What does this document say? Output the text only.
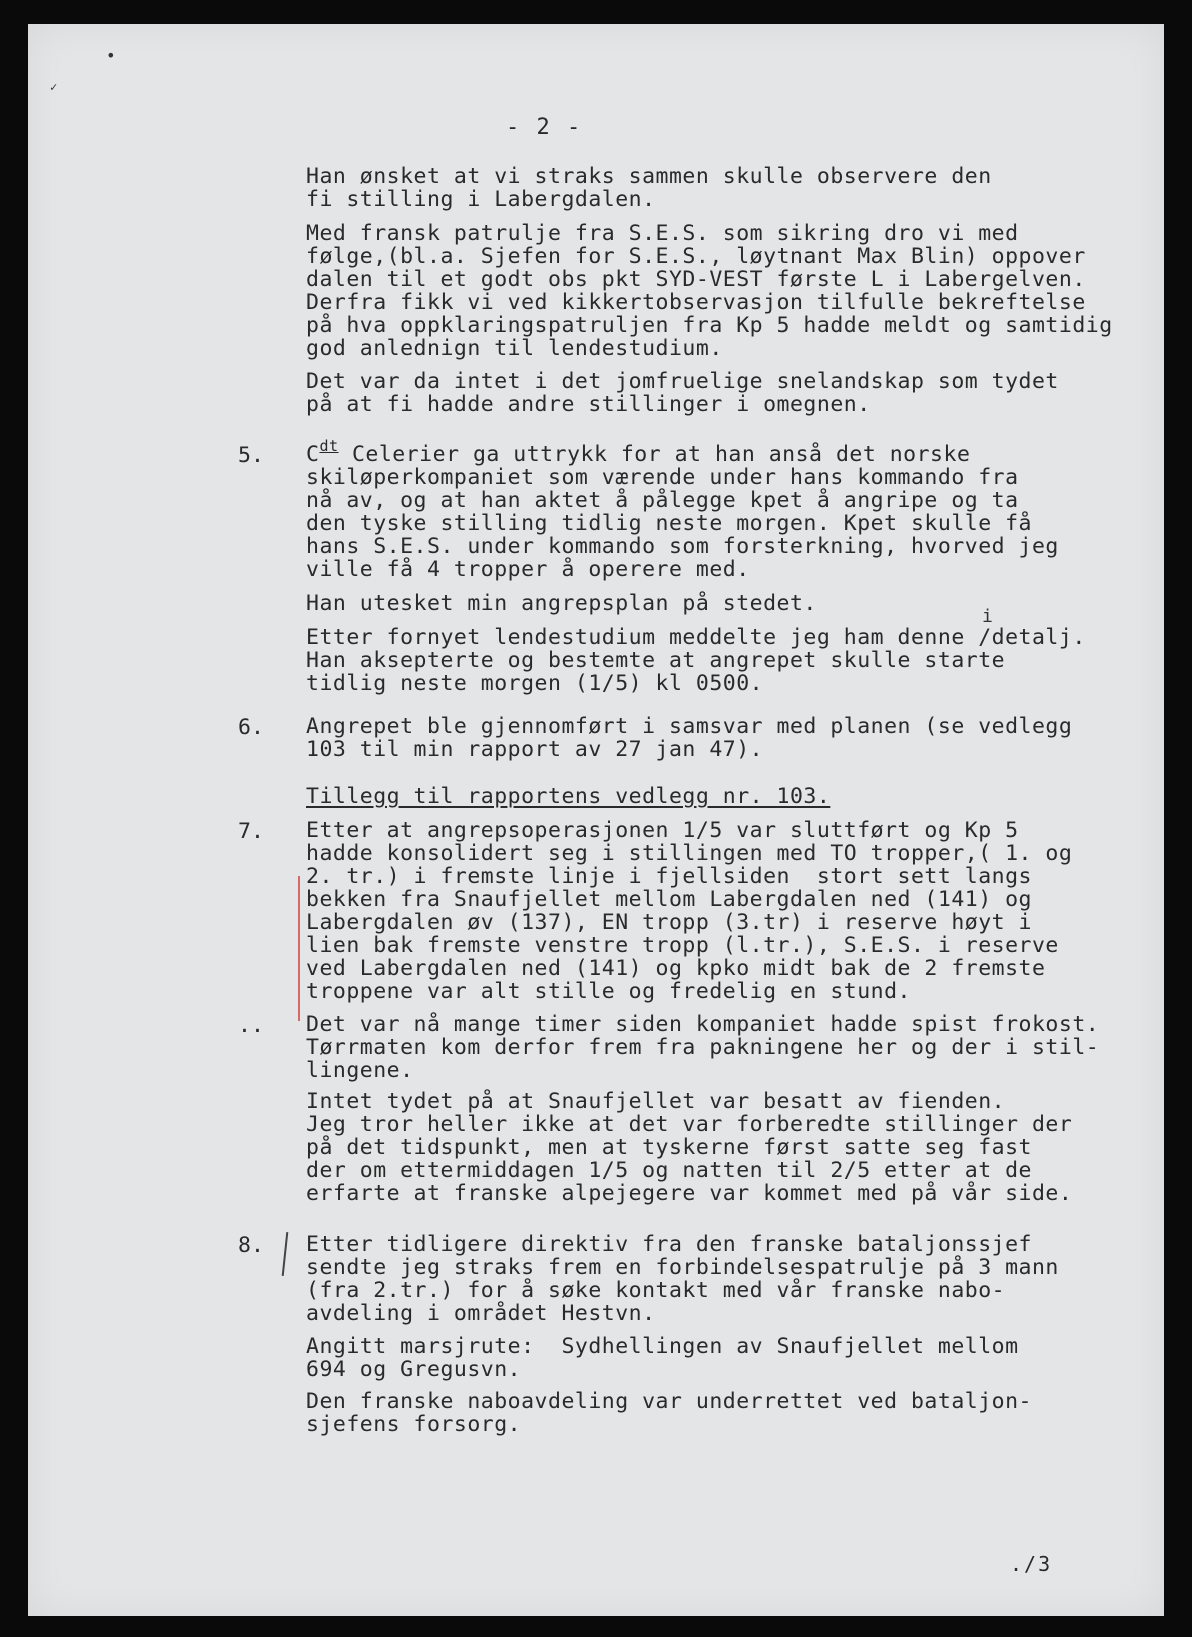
•
✓
- 2 -
./3
Han ønsket at vi straks sammen skulle observere den
fi stilling i Labergdalen.
Med fransk patrulje fra S.E.S. som sikring dro vi med
følge,(bl.a. Sjefen for S.E.S., løytnant Max Blin) oppover
dalen til et godt obs pkt SYD-VEST første L i Labergelven.
Derfra fikk vi ved kikkertobservasjon tilfulle bekreftelse
på hva oppklaringspatruljen fra Kp 5 hadde meldt og samtidig
god anlednign til lendestudium.
Det var da intet i det jomfruelige snelandskap som tydet
på at fi hadde andre stillinger i omegnen.
5. $C^{dt}$ Celerier ga uttrykk for at han anså det norske
skiløperkompaniet som værende under hans kommando fra
nå av, og at han aktet å pålegge kpet å angripe og ta
den tyske stilling tidlig neste morgen. Kpet skulle få
hans S.E.S. under kommando som forsterkning, hvorved jeg
ville få 4 tropper å operere med.
Han utesket min angrepsplan på stedet.
Etter fornyet lendestudium meddelte jeg ham denne /detalj.
Han aksepterte og bestemte at angrepet skulle starte
tidlig neste morgen (1/5) kl 0500.
6. Angrepet ble gjennomført i samsvar med planen (se vedlegg
103 til min rapport av 27 jan 47).
Tillegg til rapportens vedlegg nr. 103.
7. Etter at angrepsoperasjonen 1/5 var sluttført og Kp 5
hadde konsolidert seg i stillingen med TO tropper,( 1. og
2. tr.) i fremste linje i fjellsiden  stort sett langs
bekken fra Snaufjellet mellom Labergdalen ned (141) og
Labergdalen øv (137), EN tropp (3.tr) i reserve høyt i
lien bak fremste venstre tropp (l.tr.), S.E.S. i reserve
ved Labergdalen ned (141) og kpko midt bak de 2 fremste
troppene var alt stille og fredelig en stund.
.. Det var nå mange timer siden kompaniet hadde spist frokost.
Tørrmaten kom derfor frem fra pakningene her og der i stil-
lingene.
Intet tydet på at Snaufjellet var besatt av fienden.
Jeg tror heller ikke at det var forberedte stillinger der
på det tidspunkt, men at tyskerne først satte seg fast
der om ettermiddagen 1/5 og natten til 2/5 etter at de
erfarte at franske alpejegere var kommet med på vår side.
8. Etter tidligere direktiv fra den franske bataljonssjef
sendte jeg straks frem en forbindelsespatrulje på 3 mann
(fra 2.tr.) for å søke kontakt med vår franske nabo-
avdeling i området Hestvn.
Angitt marsjrute:  Sydhellingen av Snaufjellet mellom
694 og Gregusvn.
Den franske naboavdeling var underrettet ved bataljon-
sjefens forsorg.
i
